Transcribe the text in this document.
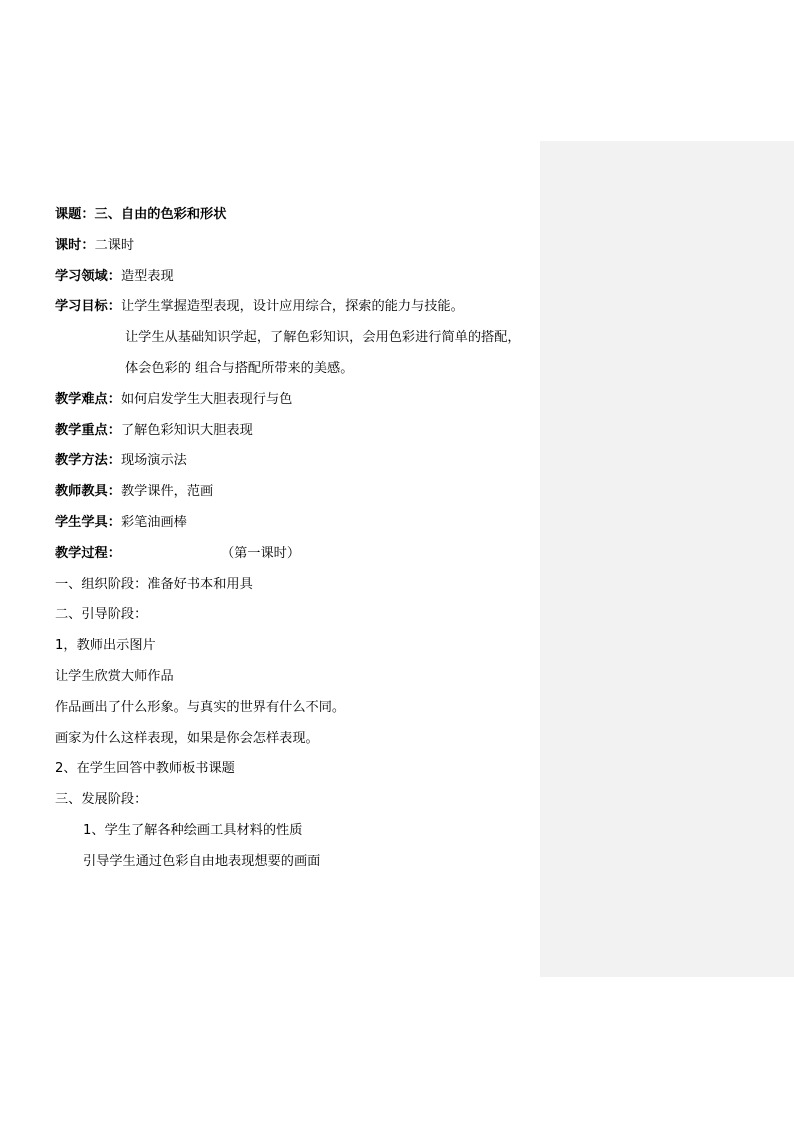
课题：三、自由的色彩和形状
课时：二课时
学习领域：造型表现
学习目标：让学生掌握造型表现，设计应用综合，探索的能力与技能。
让学生从基础知识学起，了解色彩知识，会用色彩进行简单的搭配，
体会色彩的 组合与搭配所带来的美感。
教学难点：如何启发学生大胆表现行与色
教学重点：了解色彩知识大胆表现
教学方法：现场演示法
教师教具：教学课件，范画
学生学具：彩笔油画棒
教学过程：	（第一课时）
一、组织阶段：准备好书本和用具
二、引导阶段：
1，教师出示图片
让学生欣赏大师作品
作品画出了什么形象。与真实的世界有什么不同。
画家为什么这样表现，如果是你会怎样表现。
2、在学生回答中教师板书课题
三、发展阶段：
1、学生了解各种绘画工具材料的性质
引导学生通过色彩自由地表现想要的画面
